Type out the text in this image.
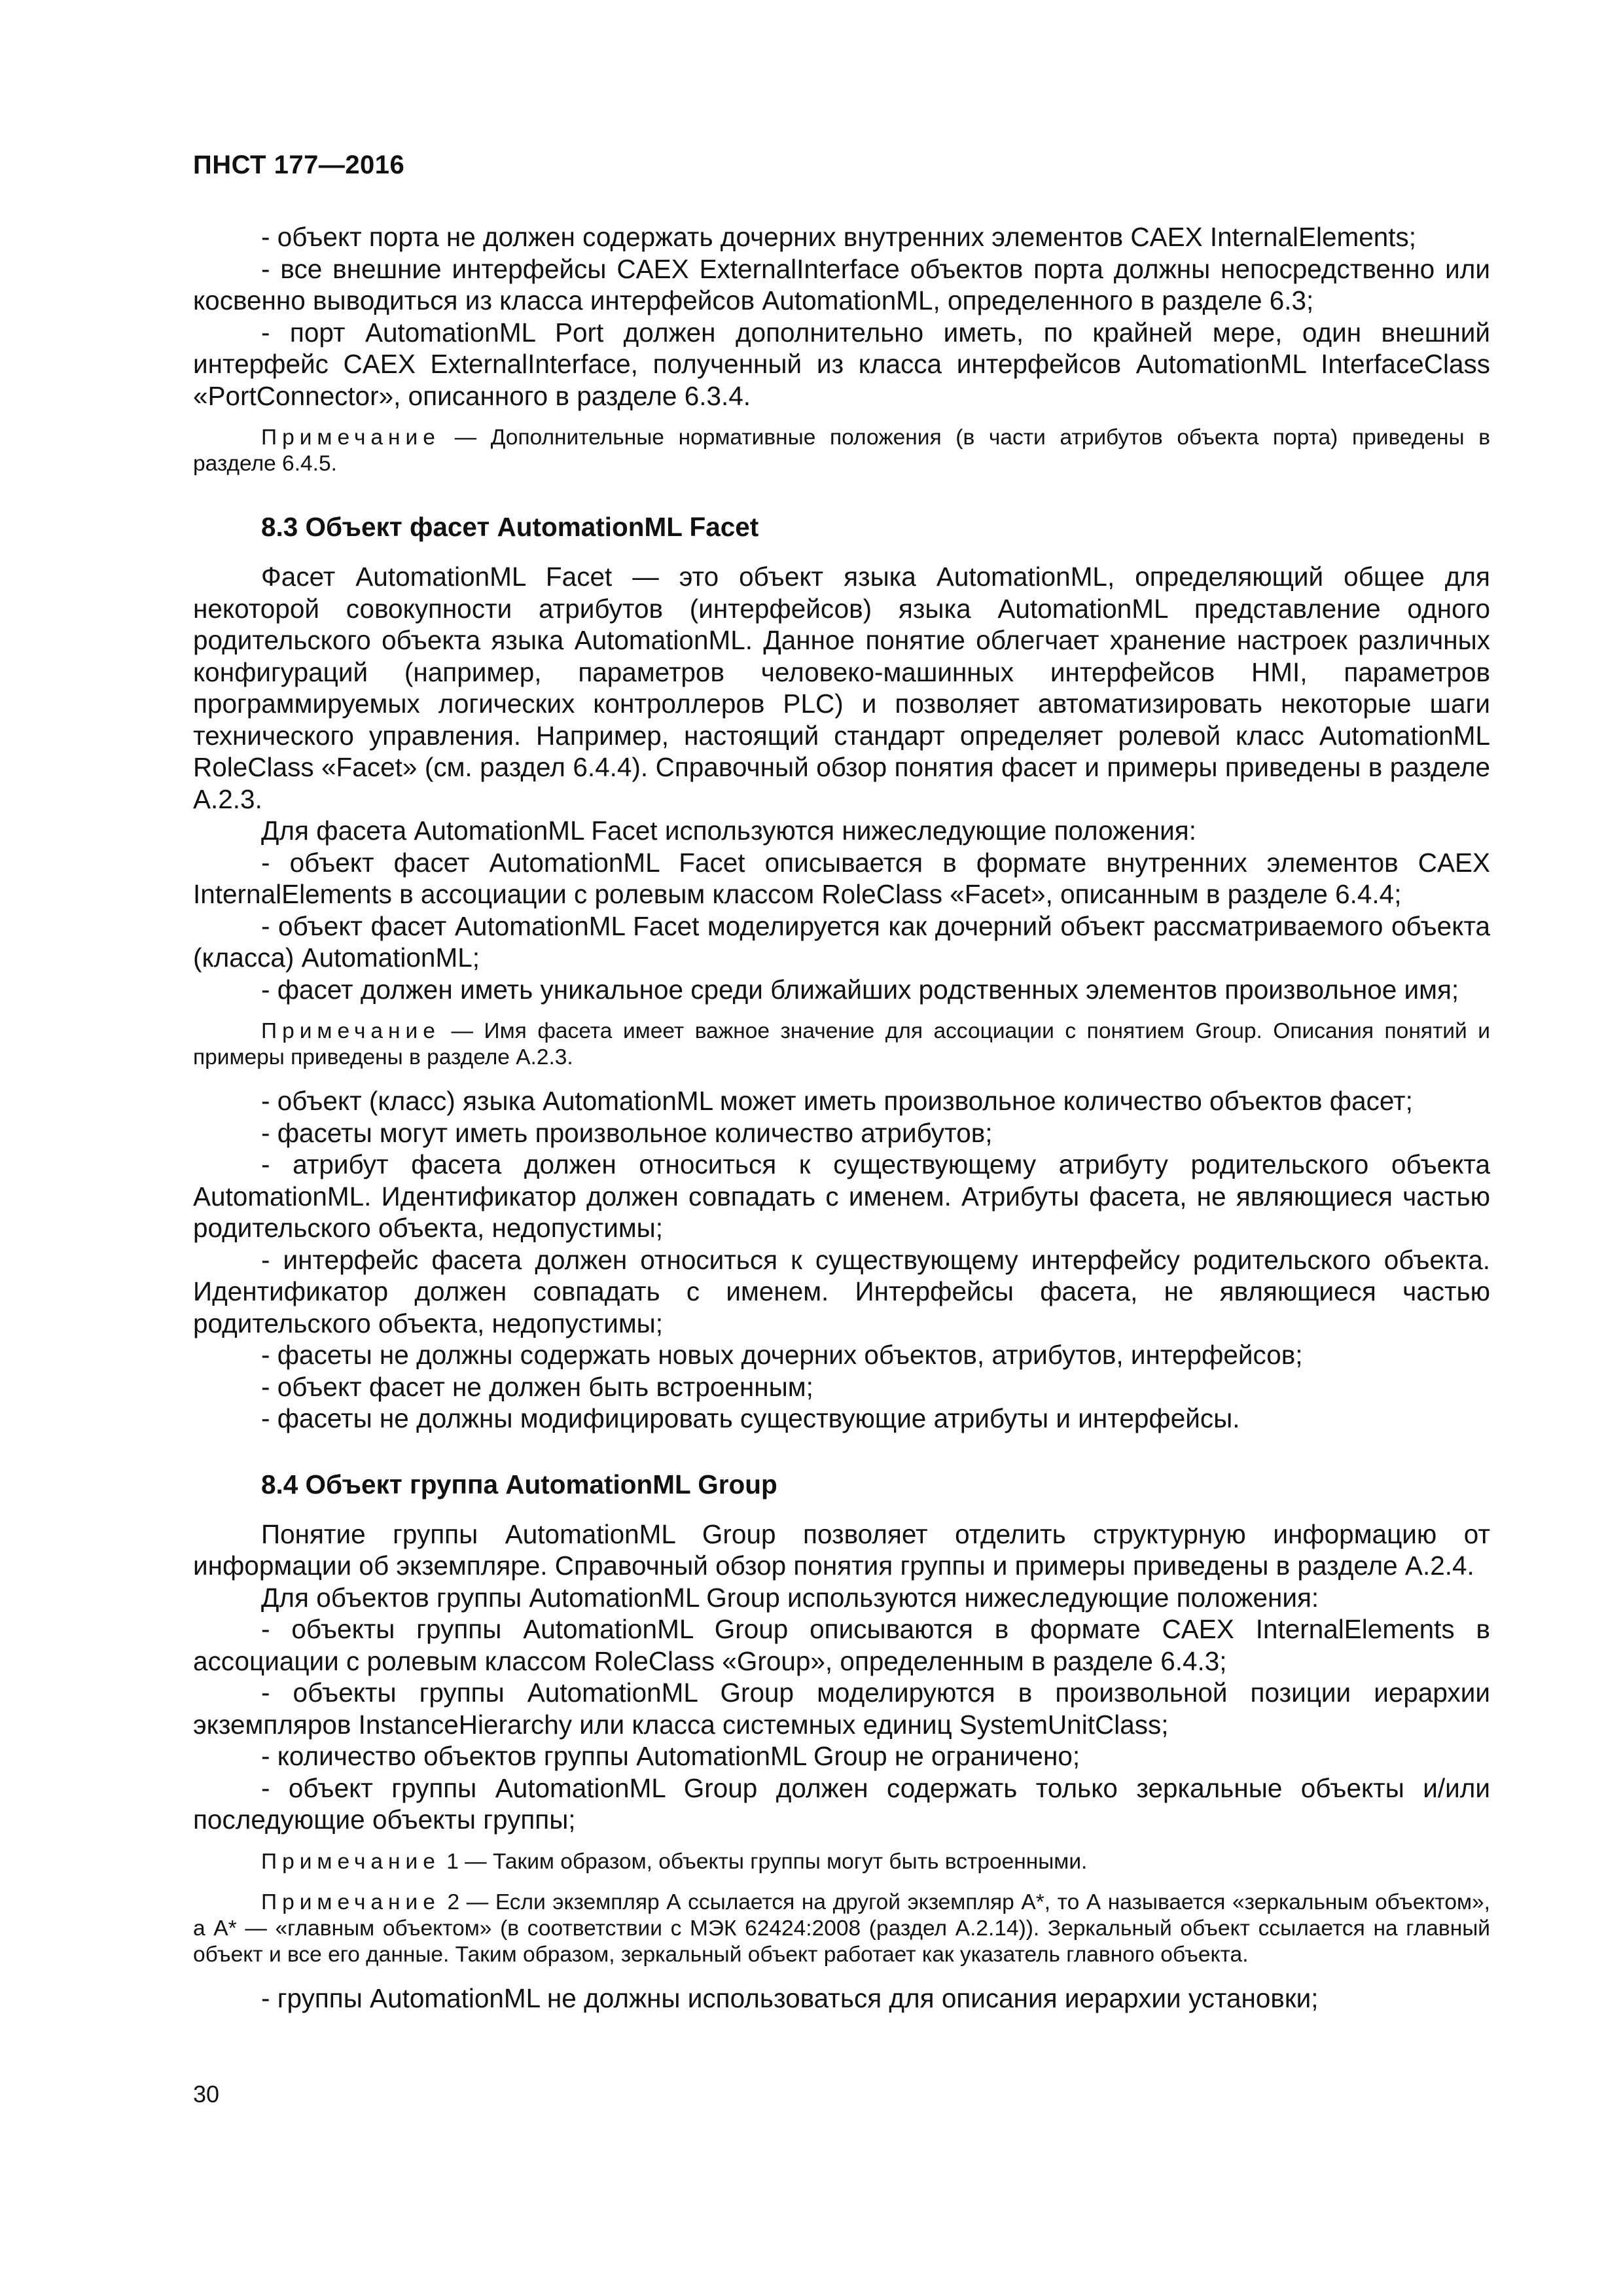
ПНСТ 177—2016

- объект порта не должен содержать дочерних внутренних элементов CAEX InternalElements;

- все внешние интерфейсы CAEX ExternalInterface объектов порта должны непосредственно или косвенно выводиться из класса интерфейсов AutomationML, определенного в разделе 6.3;

- порт AutomationML Port должен дополнительно иметь, по крайней мере, один внешний интерфейс CAEX ExternalInterface, полученный из класса интерфейсов AutomationML InterfaceClass «PortConnector», описанного в разделе 6.3.4.

Примечание — Дополнительные нормативные положения (в части атрибутов объекта порта) приведены в разделе 6.4.5.

8.3 Объект фасет AutomationML Facet

Фасет AutomationML Facet — это объект языка AutomationML, определяющий общее для некоторой совокупности атрибутов (интерфейсов) языка AutomationML представление одного родительского объекта языка AutomationML. Данное понятие облегчает хранение настроек различных конфигураций (например, параметров человеко-машинных интерфейсов HMI, параметров программируемых логических контроллеров PLC) и позволяет автоматизировать некоторые шаги технического управления. Например, настоящий стандарт определяет ролевой класс AutomationML RoleClass «Facet» (см. раздел 6.4.4). Справочный обзор понятия фасет и примеры приведены в разделе А.2.3.

Для фасета AutomationML Facet используются нижеследующие положения:

- объект фасет AutomationML Facet описывается в формате внутренних элементов CAEX InternalElements в ассоциации с ролевым классом RoleClass «Facet», описанным в разделе 6.4.4;

- объект фасет AutomationML Facet моделируется как дочерний объект рассматриваемого объекта (класса) AutomationML;

- фасет должен иметь уникальное среди ближайших родственных элементов произвольное имя;

Примечание — Имя фасета имеет важное значение для ассоциации с понятием Group. Описания понятий и примеры приведены в разделе А.2.3.

- объект (класс) языка AutomationML может иметь произвольное количество объектов фасет;

- фасеты могут иметь произвольное количество атрибутов;

- атрибут фасета должен относиться к существующему атрибуту родительского объекта AutomationML. Идентификатор должен совпадать с именем. Атрибуты фасета, не являющиеся частью родительского объекта, недопустимы;

- интерфейс фасета должен относиться к существующему интерфейсу родительского объекта. Идентификатор должен совпадать с именем. Интерфейсы фасета, не являющиеся частью родительского объекта, недопустимы;

- фасеты не должны содержать новых дочерних объектов, атрибутов, интерфейсов;

- объект фасет не должен быть встроенным;

- фасеты не должны модифицировать существующие атрибуты и интерфейсы.

8.4 Объект группа AutomationML Group

Понятие группы AutomationML Group позволяет отделить структурную информацию от информации об экземпляре. Справочный обзор понятия группы и примеры приведены в разделе А.2.4.

Для объектов группы AutomationML Group используются нижеследующие положения:

- объекты группы AutomationML Group описываются в формате CAEX InternalElements в ассоциации с ролевым классом RoleClass «Group», определенным в разделе 6.4.3;

- объекты группы AutomationML Group моделируются в произвольной позиции иерархии экземпляров InstanceHierarchy или класса системных единиц SystemUnitClass;

- количество объектов группы AutomationML Group не ограничено;

- объект группы AutomationML Group должен содержать только зеркальные объекты и/или последующие объекты группы;

Примечание 1 — Таким образом, объекты группы могут быть встроенными.

Примечание 2 — Если экземпляр А ссылается на другой экземпляр А*, то А называется «зеркальным объектом», а А* — «главным объектом» (в соответствии с МЭК 62424:2008 (раздел А.2.14)). Зеркальный объект ссылается на главный объект и все его данные. Таким образом, зеркальный объект работает как указатель главного объекта.

- группы AutomationML не должны использоваться для описания иерархии установки;

30
